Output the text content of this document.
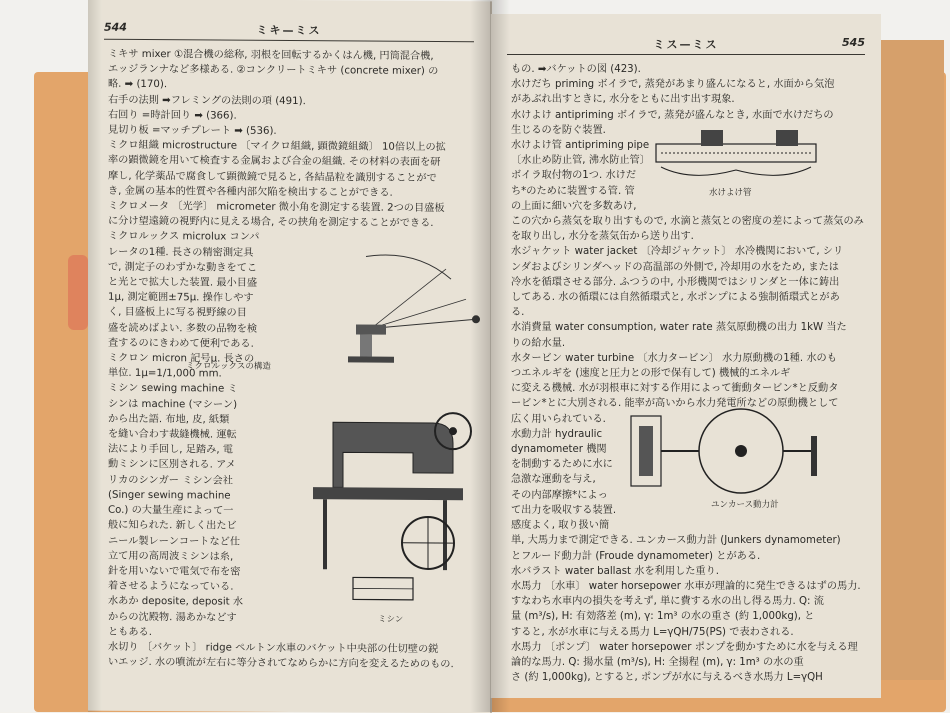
544	ミキ—ミス
ミキサ mixer ①混合機の総称, 羽根を回転するかくはん機, 円筒混合機,
エッジランナなど多様ある. ②コンクリートミキサ (concrete mixer) の
略. ➡ (170).
右手の法則 ➡フレミングの法則の項 (491).
右回り =時計回り ➡ (366).
見切り板 =マッチプレート ➡ (536).
ミクロ組織 microstructure 〔マイクロ組織, 顕微鏡組織〕 10倍以上の拡
率の顕微鏡を用いて検査する金属および合金の組織. その材料の表面を研
摩し, 化学薬品で腐食して顕微鏡で見ると, 各結晶粒を識別することがで
き, 金属の基本的性質や各種内部欠陥を検出することができる.
ミクロメータ 〔光学〕 micrometer 微小角を測定する装置. 2つの目盛板
に分け望遠鏡の視野内に見える場合, その挟角を測定することができる.
ミクロルックス microlux コンパ
レータの1種. 長さの精密測定具
で, 測定子のわずかな動きをてこ
と光とで拡大した装置. 最小目盛
1μ, 測定範囲±75μ. 操作しやす
く, 目盛板上に写る視野線の目
盛を読めばよい. 多数の品物を検
査するのにきわめて便利である.
ミクロン micron 記号μ. 長さの
単位. 1μ=1/1,000 mm.
ミシン sewing machine ミ
シンは machine (マシーン)
から出た語. 布地, 皮, 紙類
を縫い合わす裁縫機械. 運転
法により手回し, 足踏み, 電
動ミシンに区別される. アメ
リカのシンガー ミシン会社
(Singer sewing machine
Co.) の大量生産によって一
般に知られた. 新しく出たビ
ニール製レーンコートなど仕
立て用の高周波ミシンは糸,
針を用いないで電気で布を密
着させるようになっている.
水あか deposite, deposit 水
からの沈殿物. 湯あかなどす
ともある.
水切り 〔バケット〕 ridge ペルトン水車のバケット中央部の仕切壁の鋭
いエッジ. 水の噴流が左右に等分されてなめらかに方向を変えるためのもの.
ミクロルックスの構造
ミシン
ミス—ミス	545
もの. ➡バケットの図 (423).
水けだち priming ボイラで, 蒸発があまり盛んになると, 水面から気泡
があぶれ出すときに, 水分をともに出す出す現象.
水けよけ antipriming ボイラで, 蒸発が盛んなとき, 水面で水けだちの
生じるのを防ぐ装置.
水けよけ管 antipriming pipe
〔水止め防止管, 沸水防止管〕
ボイラ取付物の1つ. 水けだ
ち*のために装置する管. 管
の上面に細い穴を多数あけ,
この穴から蒸気を取り出すもので, 水滴と蒸気との密度の差によって蒸気のみ
を取り出し, 水分を蒸気缶から送り出す.
水ジャケット water jacket 〔冷却ジャケット〕 水冷機関において, シリ
ンダおよびシリンダヘッドの高温部の外側で, 冷却用の水をため, または
冷水を循環させる部分. ふつうの中, 小形機関ではシリンダと一体に鋳出
してある. 水の循環には自然循環式と, 水ポンプによる強制循環式とがあ
る.
水消費量 water consumption, water rate 蒸気原動機の出力 1kW 当た
りの給水量.
水タービン water turbine 〔水力タービン〕 水力原動機の1種. 水のも
つエネルギを (速度と圧力との形で保有して) 機械的エネルギ
に変える機械. 水が羽根車に対する作用によって衝動タービン*と反動タ
ービン*とに大別される. 能率が高いから水力発電所などの原動機として
広く用いられている.
水動力計 hydraulic
dynamometer 機関
を制動するために水に
急激な運動を与え,
その内部摩擦*によっ
て出力を吸収する装置.
感度よく, 取り扱い簡
単, 大馬力まで測定できる. ユンカース動力計 (Junkers dynamometer)
とフルード動力計 (Froude dynamometer) とがある.
水バラスト water ballast 水を利用した重り.
水馬力 〔水車〕 water horsepower 水車が理論的に発生できるはずの馬力.
すなわち水車内の損失を考えず, 単に費する水の出し得る馬力. Q: 流
量 (m³/s), H: 有効落差 (m), γ: 1m³ の水の重さ (約 1,000kg), と
すると, 水が水車に与える馬力 L=γQH/75(PS) で表わされる.
水馬力 〔ポンプ〕 water horsepower ポンプを動かすために水を与える理
論的な馬力. Q: 揚水量 (m³/s), H: 全揚程 (m), γ: 1m³ の水の重
さ (約 1,000kg), とすると, ポンプが水に与えるべき水馬力 L=γQH
水けよけ管
ユンカース動力計
